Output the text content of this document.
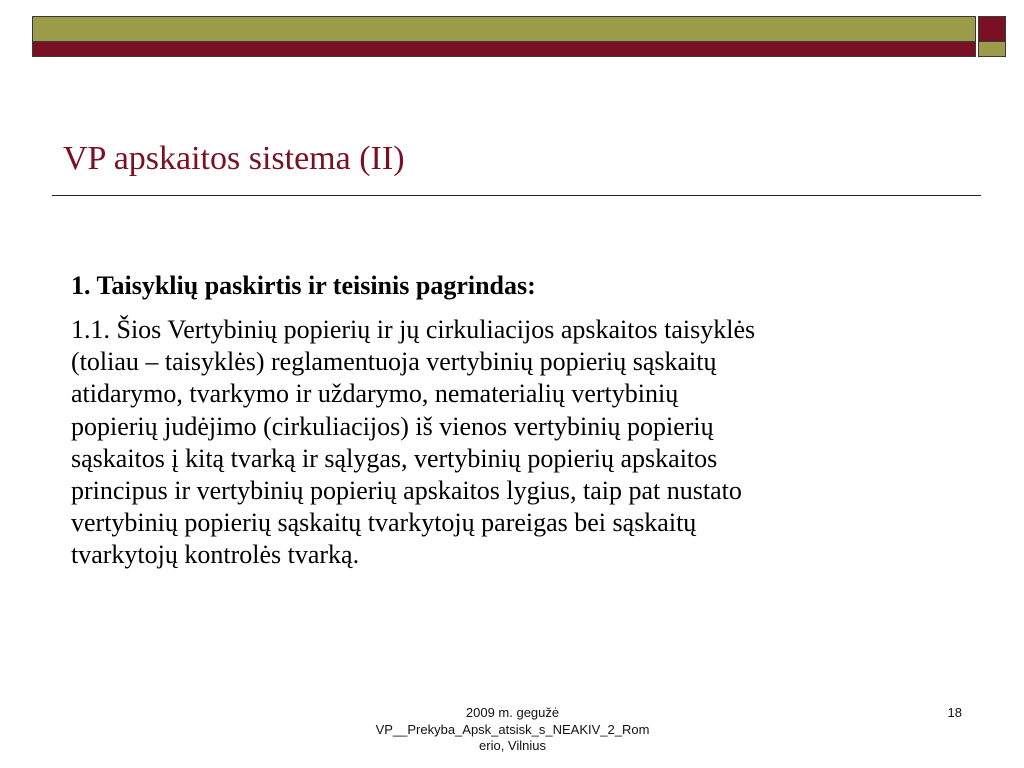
VP apskaitos sistema (II)

1. Taisyklių paskirtis ir teisinis pagrindas:

1.1. Šios Vertybinių popierių ir jų cirkuliacijos apskaitos taisyklės
(toliau – taisyklės) reglamentuoja vertybinių popierių sąskaitų
atidarymo, tvarkymo ir uždarymo, nematerialių vertybinių
popierių judėjimo (cirkuliacijos) iš vienos vertybinių popierių
sąskaitos į kitą tvarką ir sąlygas, vertybinių popierių apskaitos
principus ir vertybinių popierių apskaitos lygius, taip pat nustato
vertybinių popierių sąskaitų tvarkytojų pareigas bei sąskaitų
tvarkytojų kontrolės tvarką.

2009 m. gegužė
VP__Prekyba_Apsk_atsisk_s_NEAKIV_2_Rom
erio, Vilnius
18
